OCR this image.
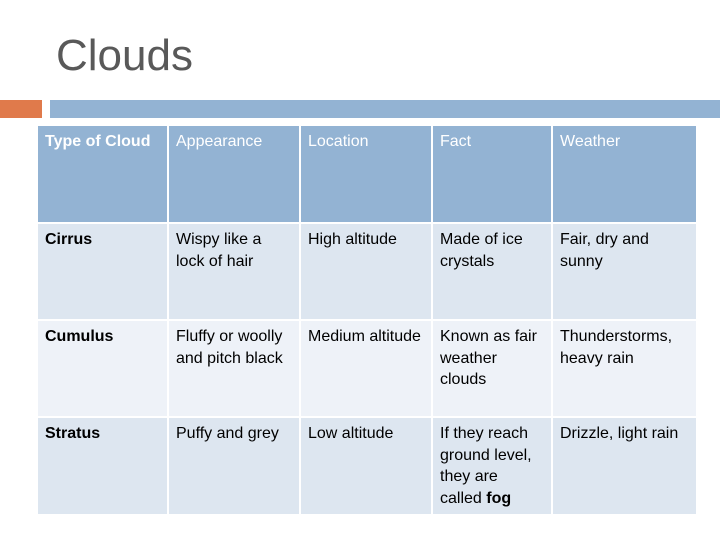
Clouds
Type of Cloud	Appearance	Location	Fact	Weather
Cirrus	Wispy like a lock of hair	High altitude	Made of ice crystals	Fair, dry and sunny
Cumulus	Fluffy or woolly and pitch black	Medium altitude	Known as fair weather clouds	Thunderstorms, heavy rain
Stratus	Puffy and grey	Low altitude	If they reach ground level, they are called fog	Drizzle, light rain
